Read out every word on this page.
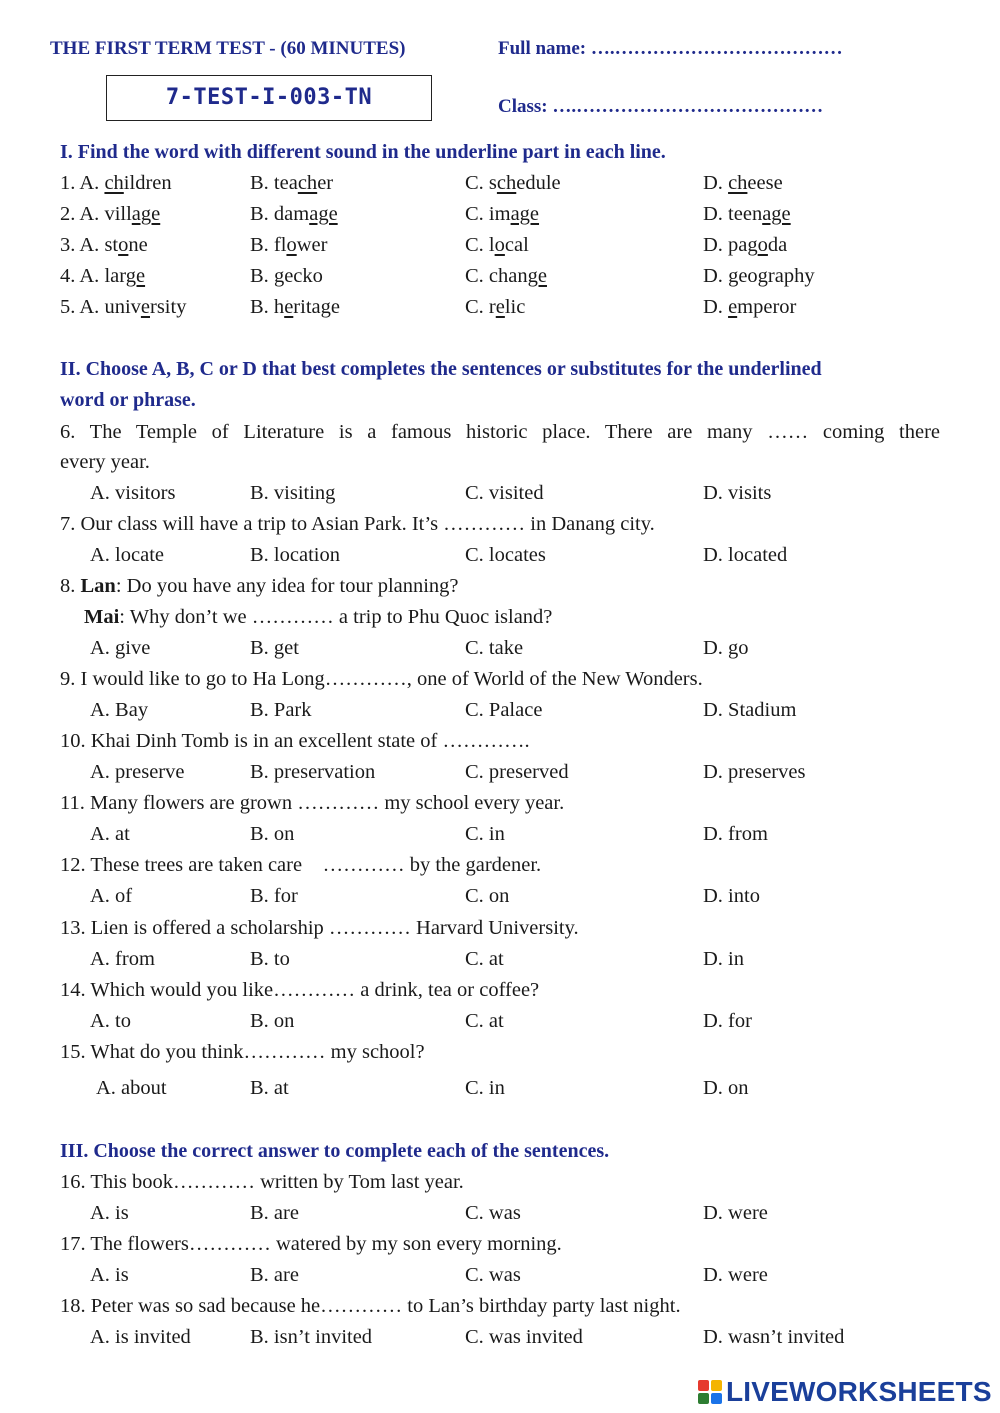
THE FIRST TERM TEST - (60 MINUTES)	Full name: ….………………………………
7-TEST-I-003-TN	Class: ….…………………………………
I. Find the word with different sound in the underline part in each line.
1. A. children	B. teacher	C. schedule	D. cheese
2. A. village	B. damage	C. image	D. teenage
3. A. stone	B. flower	C. local	D. pagoda
4. A. large	B. gecko	C. change	D. geography
5. A. university	B. heritage	C. relic	D. emperor
II. Choose A, B, C or D that best completes the sentences or substitutes for the underlined
word or phrase.
6. The Temple of Literature is a famous historic place. There are many …… coming there
every year.
A. visitors	B. visiting	C. visited	D. visits
7. Our class will have a trip to Asian Park. It’s ………… in Danang city.
A. locate	B. location	C. locates	D. located
8. Lan: Do you have any idea for tour planning?
Mai: Why don’t we ………… a trip to Phu Quoc island?
A. give	B. get	C. take	D. go
9. I would like to go to Ha Long…………, one of World of the New Wonders.
A. Bay	B. Park	C. Palace	D. Stadium
10. Khai Dinh Tomb is in an excellent state of ………….
A. preserve	B. preservation	C. preserved	D. preserves
11. Many flowers are grown ………… my school every year.
A. at	B. on	C. in	D. from
12. These trees are taken care    ………… by the gardener.
A. of	B. for	C. on	D. into
13. Lien is offered a scholarship ………… Harvard University.
A. from	B. to	C. at	D. in
14. Which would you like………… a drink, tea or coffee?
A. to	B. on	C. at	D. for
15. What do you think………… my school?
A. about	B. at	C. in	D. on
III. Choose the correct answer to complete each of the sentences.
16. This book………… written by Tom last year.
A. is	B. are	C. was	D. were
17. The flowers………… watered by my son every morning.
A. is	B. are	C. was	D. were
18. Peter was so sad because he………… to Lan’s birthday party last night.
A. is invited	B. isn’t invited	C. was invited	D. wasn’t invited
LIVEWORKSHEETS
